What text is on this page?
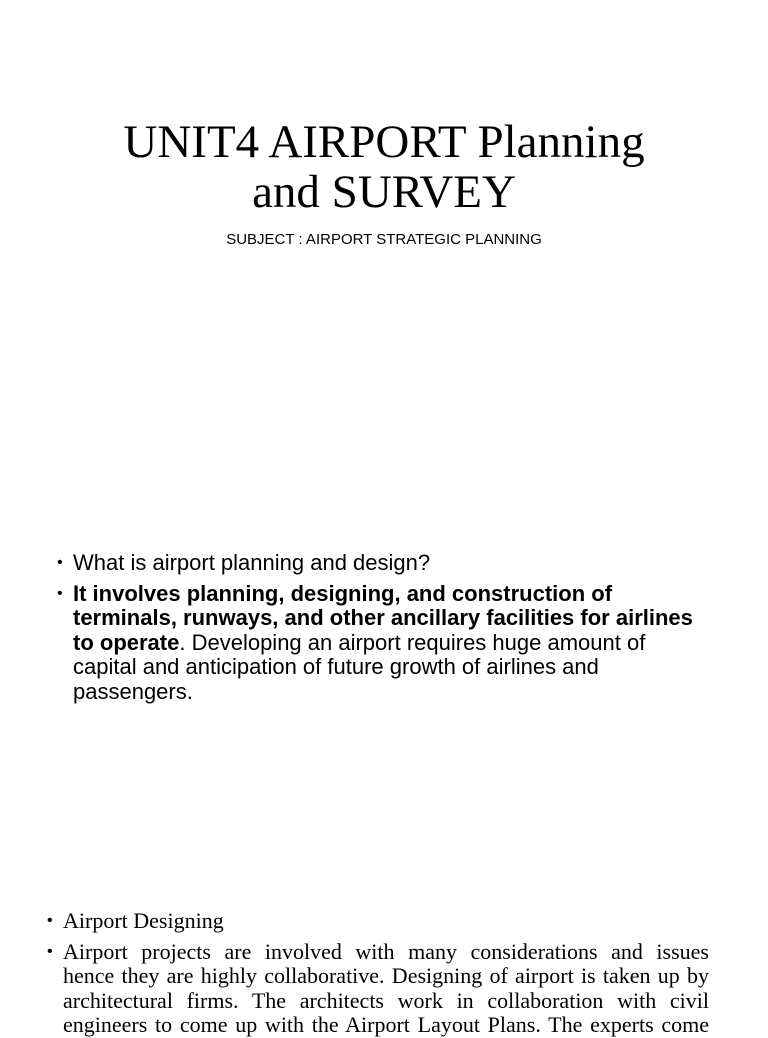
UNIT4 AIRPORT Planning and SURVEY

SUBJECT : AIRPORT STRATEGIC PLANNING

• What is airport planning and design?

• It involves planning, designing, and construction of terminals, runways, and other ancillary facilities for airlines to operate. Developing an airport requires huge amount of capital and anticipation of future growth of airlines and passengers.

• Airport Designing

• Airport projects are involved with many considerations and issues
hence they are highly collaborative. Designing of airport is taken up by
architectural firms. The architects work in collaboration with civil
engineers to come up with the Airport Layout Plans. The experts come
